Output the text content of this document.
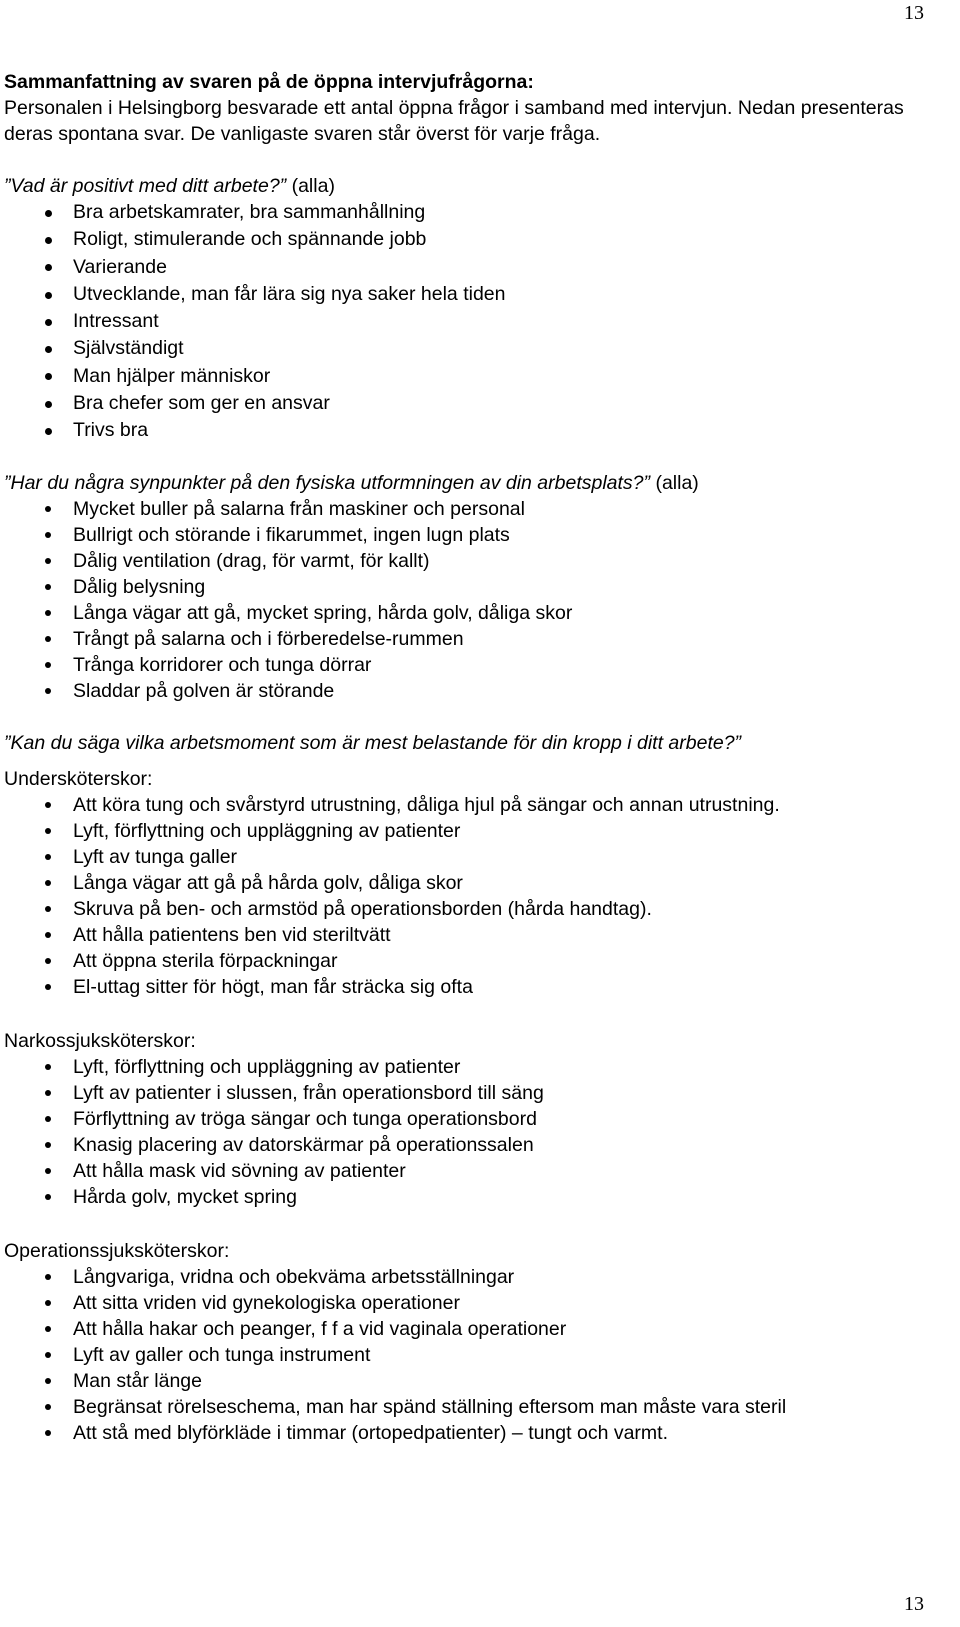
13
Sammanfattning av svaren på de öppna intervjufrågorna:
Personalen i Helsingborg besvarade ett antal öppna frågor i samband med intervjun. Nedan presenteras deras spontana svar. De vanligaste svaren står överst för varje fråga.
”Vad är positivt med ditt arbete?” (alla)
Bra arbetskamrater, bra sammanhållning
Roligt, stimulerande och spännande jobb
Varierande
Utvecklande, man får lära sig nya saker hela tiden
Intressant
Självständigt
Man hjälper människor
Bra chefer som ger en ansvar
Trivs bra
”Har du några synpunkter på den fysiska utformningen av din arbetsplats?” (alla)
Mycket buller på salarna från maskiner och personal
Bullrigt och störande i fikarummet, ingen lugn plats
Dålig ventilation (drag, för varmt, för kallt)
Dålig belysning
Långa vägar att gå, mycket spring, hårda golv, dåliga skor
Trångt på salarna och i förberedelse-rummen
Trånga korridorer och tunga dörrar
Sladdar på golven är störande
”Kan du säga vilka arbetsmoment som är mest belastande för din kropp i ditt arbete?”
Undersköterskor:
Att köra tung och svårstyrd utrustning, dåliga hjul på sängar och annan utrustning.
Lyft, förflyttning och uppläggning av patienter
Lyft av tunga galler
Långa vägar att gå på hårda golv, dåliga skor
Skruva på ben- och armstöd på operationsborden (hårda handtag).
Att hålla patientens ben vid steriltvätt
Att öppna sterila förpackningar
El-uttag sitter för högt, man får sträcka sig ofta
Narkossjuksköterskor:
Lyft, förflyttning och uppläggning av patienter
Lyft av patienter i slussen, från operationsbord till säng
Förflyttning av tröga sängar och tunga operationsbord
Knasig placering av datorskärmar på operationssalen
Att hålla mask vid sövning av patienter
Hårda golv, mycket spring
Operationssjuksköterskor:
Långvariga, vridna och obekväma arbetsställningar
Att sitta vriden vid gynekologiska operationer
Att hålla hakar och peanger, f f a vid vaginala operationer
Lyft av galler och tunga instrument
Man står länge
Begränsat rörelseschema, man har spänd ställning eftersom man måste vara steril
Att stå med blyförkläde i timmar (ortopedpatienter) – tungt och varmt.
13
